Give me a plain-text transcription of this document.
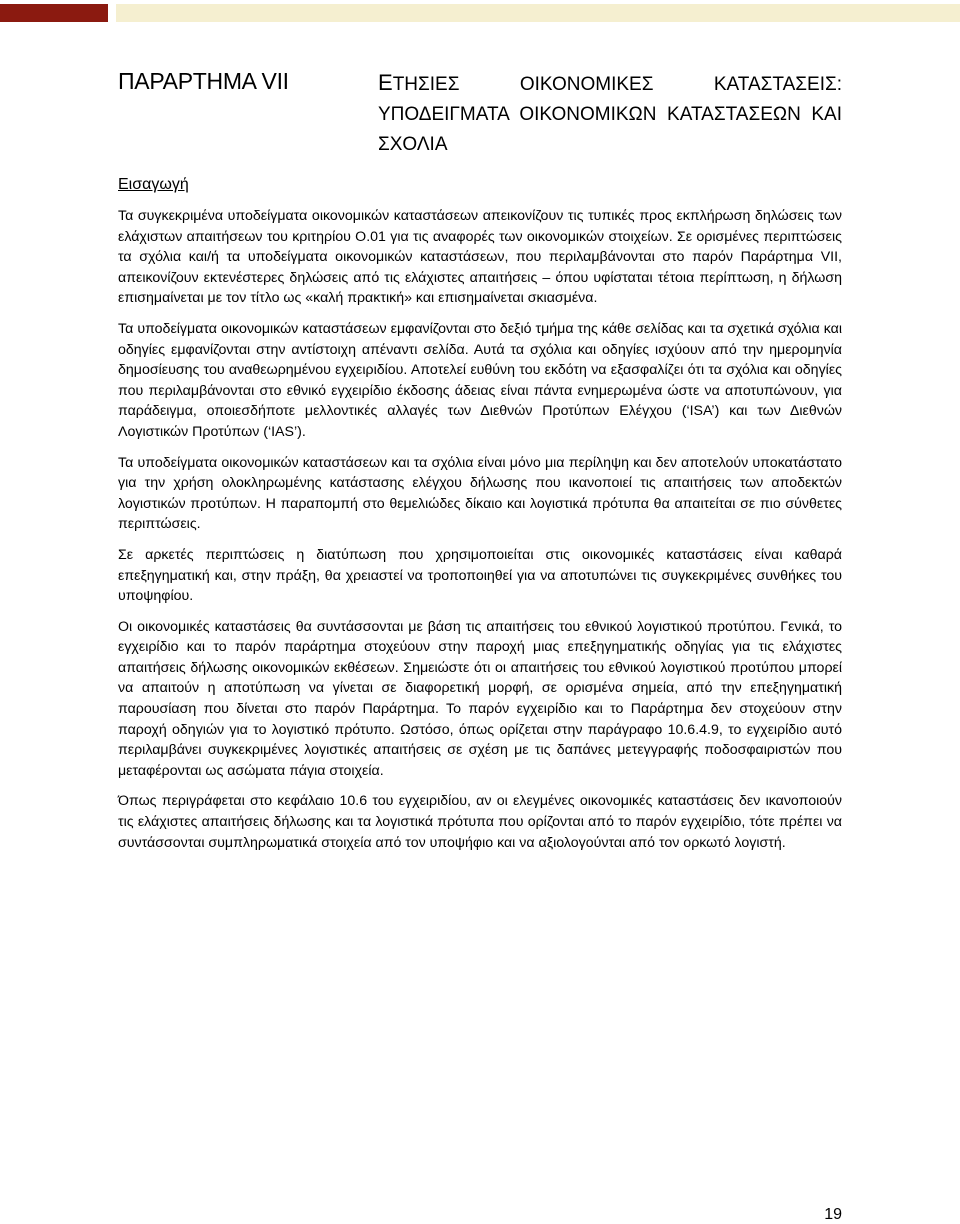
ΠΑΡΑΡΤΗΜΑ VII	ΕΤΗΣΙΕΣ ΟΙΚΟΝΟΜΙΚΕΣ ΚΑΤΑΣΤΑΣΕΙΣ: ΥΠΟΔΕΙΓΜΑΤΑ ΟΙΚΟΝΟΜΙΚΩΝ ΚΑΤΑΣΤΑΣΕΩΝ ΚΑΙ ΣΧΟΛΙΑ
Εισαγωγή

Τα συγκεκριμένα υποδείγματα οικονομικών καταστάσεων απεικονίζουν τις τυπικές προς εκπλήρωση δηλώσεις των ελάχιστων απαιτήσεων του κριτηρίου Ο.01 για τις αναφορές των οικονομικών στοιχείων. Σε ορισμένες περιπτώσεις τα σχόλια και/ή τα υποδείγματα οικονομικών καταστάσεων, που περιλαμβάνονται στο παρόν Παράρτημα VII, απεικονίζουν εκτενέστερες δηλώσεις από τις ελάχιστες απαιτήσεις – όπου υφίσταται τέτοια περίπτωση, η δήλωση επισημαίνεται με τον τίτλο ως «καλή πρακτική» και επισημαίνεται σκιασμένα.

Τα υποδείγματα οικονομικών καταστάσεων εμφανίζονται στο δεξιό τμήμα της κάθε σελίδας και τα σχετικά σχόλια και οδηγίες εμφανίζονται στην αντίστοιχη απέναντι σελίδα. Αυτά τα σχόλια και οδηγίες ισχύουν από την ημερομηνία δημοσίευσης του αναθεωρημένου εγχειριδίου. Αποτελεί ευθύνη του εκδότη να εξασφαλίζει ότι τα σχόλια και οδηγίες που περιλαμβάνονται στο εθνικό εγχειρίδιο έκδοσης άδειας είναι πάντα ενημερωμένα ώστε να αποτυπώνουν, για παράδειγμα, οποιεσδήποτε μελλοντικές αλλαγές των Διεθνών Προτύπων Ελέγχου (‘ISA’) και των Διεθνών Λογιστικών Προτύπων (‘IAS’).

Τα υποδείγματα οικονομικών καταστάσεων και τα σχόλια είναι μόνο μια περίληψη και δεν αποτελούν υποκατάστατο για την χρήση ολοκληρωμένης κατάστασης ελέγχου δήλωσης που ικανοποιεί τις απαιτήσεις των αποδεκτών λογιστικών προτύπων. Η παραπομπή στο θεμελιώδες δίκαιο και λογιστικά πρότυπα θα απαιτείται σε πιο σύνθετες περιπτώσεις.

Σε αρκετές περιπτώσεις η διατύπωση που χρησιμοποιείται στις οικονομικές καταστάσεις είναι καθαρά επεξηγηματική και, στην πράξη, θα χρειαστεί να τροποποιηθεί για να αποτυπώνει τις συγκεκριμένες συνθήκες του υποψηφίου.

Οι οικονομικές καταστάσεις θα συντάσσονται με βάση τις απαιτήσεις του εθνικού λογιστικού προτύπου. Γενικά, το εγχειρίδιο και το παρόν παράρτημα στοχεύουν στην παροχή μιας επεξηγηματικής οδηγίας για τις ελάχιστες απαιτήσεις δήλωσης οικονομικών εκθέσεων. Σημειώστε ότι οι απαιτήσεις του εθνικού λογιστικού προτύπου μπορεί να απαιτούν η αποτύπωση να γίνεται σε διαφορετική μορφή, σε ορισμένα σημεία, από την επεξηγηματική παρουσίαση που δίνεται στο παρόν Παράρτημα. Το παρόν εγχειρίδιο και το Παράρτημα δεν στοχεύουν στην παροχή οδηγιών για το λογιστικό πρότυπο. Ωστόσο, όπως ορίζεται στην παράγραφο 10.6.4.9, το εγχειρίδιο αυτό περιλαμβάνει συγκεκριμένες λογιστικές απαιτήσεις σε σχέση με τις δαπάνες μετεγγραφής ποδοσφαιριστών που μεταφέρονται ως ασώματα πάγια στοιχεία.

Όπως περιγράφεται στο κεφάλαιο 10.6 του εγχειριδίου, αν οι ελεγμένες οικονομικές καταστάσεις δεν ικανοποιούν τις ελάχιστες απαιτήσεις δήλωσης και τα λογιστικά πρότυπα που ορίζονται από το παρόν εγχειρίδιο, τότε πρέπει να συντάσσονται συμπληρωματικά στοιχεία από τον υποψήφιο και να αξιολογούνται από τον ορκωτό λογιστή.

19
